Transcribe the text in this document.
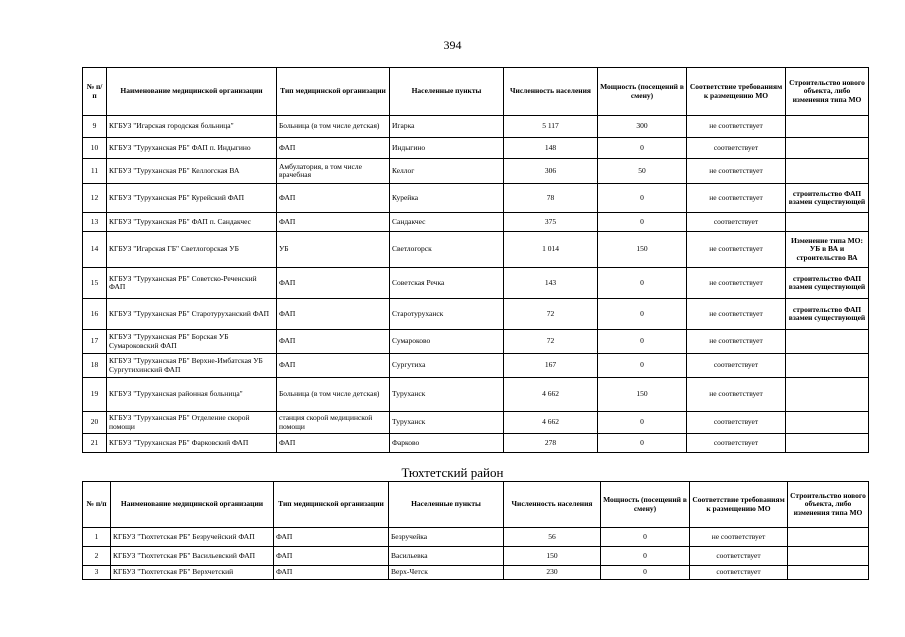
394
№ п/п	Наименование медицинской организации	Тип медицинской организации	Населенные пункты	Численность населения	Мощность (посещений в смену)	Соответствие требованиям к размещению МО	Строительство нового объекта, либо изменения типа МО
9	КГБУЗ "Игарская городская больница"	Больница (в том числе детская)	Игарка	5 117	300	не соответствует	
10	КГБУЗ "Туруханская РБ" ФАП п. Индыгино	ФАП	Индыгино	148	0	соответствует	
11	КГБУЗ "Туруханская РБ" Келлогская ВА	Амбулатория, в том числе врачебная	Келлог	306	50	не соответствует	
12	КГБУЗ "Туруханская РБ" Курейский ФАП	ФАП	Курейка	78	0	не соответствует	строительство ФАП взамен существующей
13	КГБУЗ "Туруханская РБ" ФАП п. Сандакчес	ФАП	Сандакчес	375	0	соответствует	
14	КГБУЗ "Игарская ГБ" Светлогорская УБ	УБ	Светлогорск	1 014	150	не соответствует	Изменение типа МО: УБ в ВА и строительство ВА
15	КГБУЗ "Туруханская РБ" Советско-Реченский ФАП	ФАП	Советская Речка	143	0	не соответствует	строительство ФАП взамен существующей
16	КГБУЗ "Туруханская РБ" Старотуруханский ФАП	ФАП	Старотуруханск	72	0	не соответствует	строительство ФАП взамен существующей
17	КГБУЗ "Туруханская РБ" Борская УБ Сумароковский ФАП	ФАП	Сумароково	72	0	не соответствует	
18	КГБУЗ "Туруханская РБ" Верхне-Имбатская УБ Сургутихинский ФАП	ФАП	Сургутиха	167	0	соответствует	
19	КГБУЗ "Туруханская районная больница"	Больница (в том числе детская)	Туруханск	4 662	150	не соответствует	
20	КГБУЗ "Туруханская РБ" Отделение скорой помощи	станция скорой медицинской помощи	Туруханск	4 662	0	соответствует	
21	КГБУЗ "Туруханская РБ" Фарковский ФАП	ФАП	Фарково	278	0	соответствует	
Тюхтетский район
№ п/п	Наименование медицинской организации	Тип медицинской организации	Населенные пункты	Численность населения	Мощность (посещений в смену)	Соответствие требованиям к размещению МО	Строительство нового объекта, либо изменения типа МО
1	КГБУЗ "Тюхтетская РБ" Безручейский ФАП	ФАП	Безручейка	56	0	не соответствует	
2	КГБУЗ "Тюхтетская РБ" Васильевский ФАП	ФАП	Васильевка	150	0	соответствует	
3	КГБУЗ "Тюхтетская РБ" Верхчетский	ФАП	Верх-Четск	230	0	соответствует	
